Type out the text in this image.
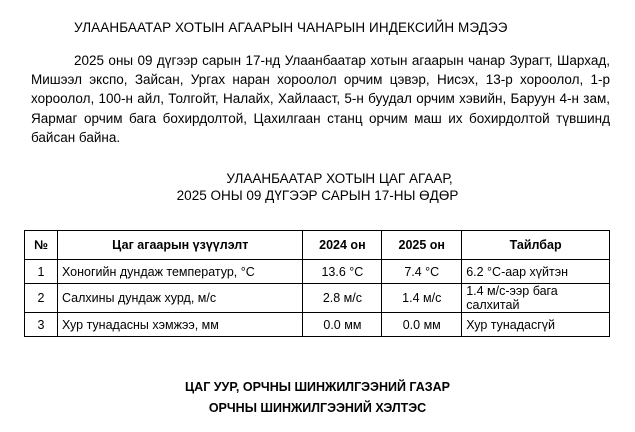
УЛААНБААТАР ХОТЫН АГААРЫН ЧАНАРЫН ИНДЕКСИЙН МЭДЭЭ

2025 оны 09 дүгээр сарын 17-нд Улаанбаатар хотын агаарын чанар Зурагт, Шархад, Мишээл экспо, Зайсан, Ургах наран хороолол орчим цэвэр, Нисэх, 13-р хороолол, 1-р хороолол, 100-н айл, Толгойт, Налайх, Хайлааст, 5-н буудал орчим хэвийн, Баруун 4-н зам, Яармаг орчим бага бохирдолтой, Цахилгаан станц орчим маш их бохирдолтой түвшинд байсан байна.

УЛААНБААТАР ХОТЫН ЦАГ АГААР,
2025 ОНЫ 09 ДҮГЭЭР САРЫН 17-НЫ ӨДӨР
№	Цаг агаарын үзүүлэлт	2024 он	2025 он	Тайлбар
1	Хоногийн дундаж температур, °C	13.6 °C	7.4 °C	6.2 °C-аар хүйтэн
2	Салхины дундаж хурд, м/с	2.8 м/с	1.4 м/с	1.4 м/с-ээр бага салхитай
3	Хур тунадасны хэмжээ, мм	0.0 мм	0.0 мм	Хур тунадасгүй
ЦАГ УУР, ОРЧНЫ ШИНЖИЛГЭЭНИЙ ГАЗАР
ОРЧНЫ ШИНЖИЛГЭЭНИЙ ХЭЛТЭС
